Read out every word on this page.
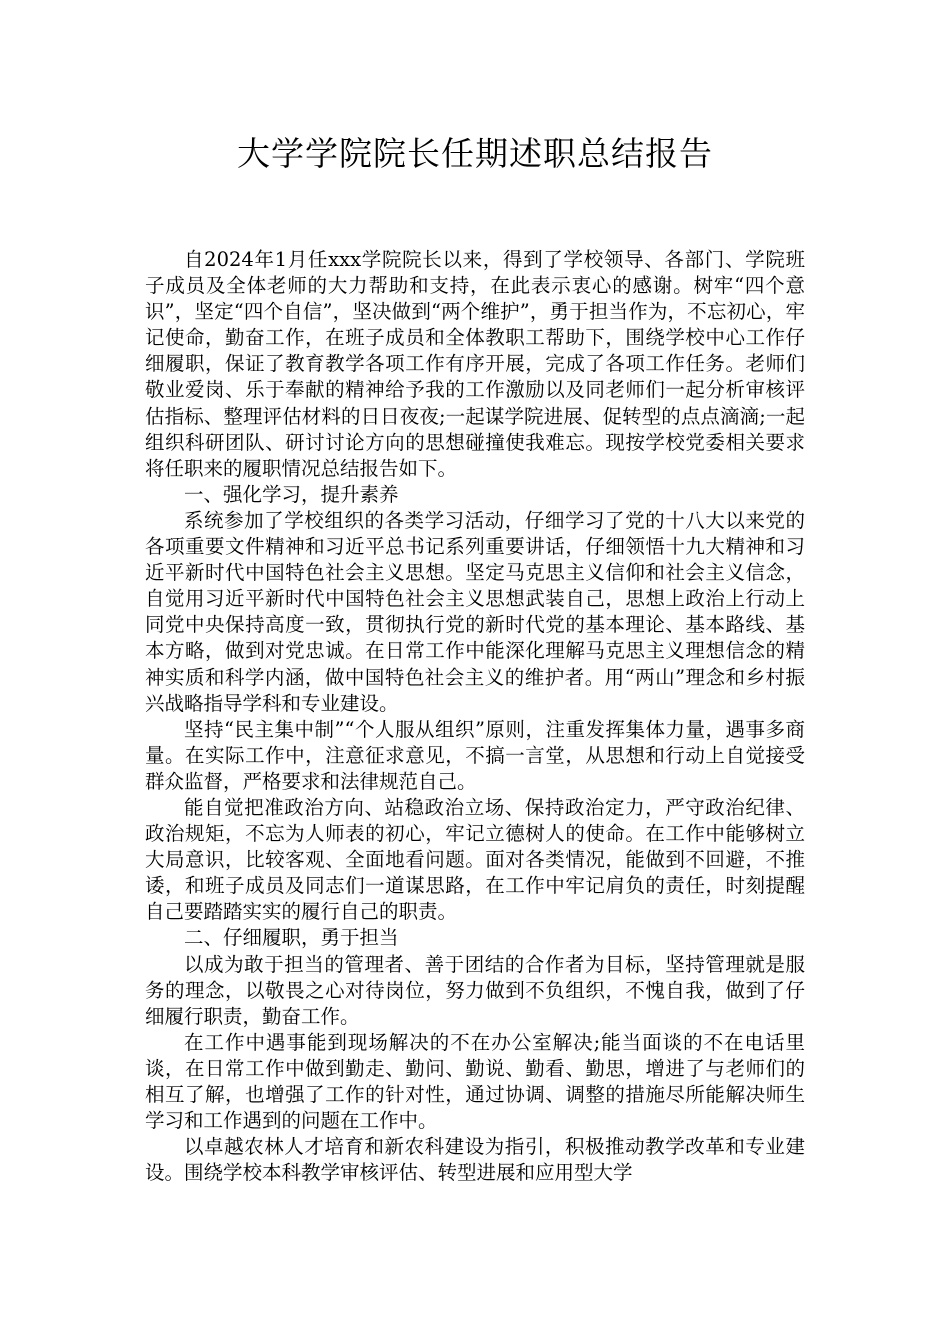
大学学院院长任期述职总结报告

自2024年1月任xxx学院院长以来，得到了学校领导、各部门、学院班子成员及全体老师的大力帮助和支持，在此表示衷心的感谢。树牢“四个意识”，坚定“四个自信”，坚决做到“两个维护”，勇于担当作为，不忘初心，牢记使命，勤奋工作，在班子成员和全体教职工帮助下，围绕学校中心工作仔细履职，保证了教育教学各项工作有序开展，完成了各项工作任务。老师们敬业爱岗、乐于奉献的精神给予我的工作激励以及同老师们一起分析审核评估指标、整理评估材料的日日夜夜;一起谋学院进展、促转型的点点滴滴;一起组织科研团队、研讨讨论方向的思想碰撞使我难忘。现按学校党委相关要求将任职来的履职情况总结报告如下。

一、强化学习，提升素养

系统参加了学校组织的各类学习活动，仔细学习了党的十八大以来党的各项重要文件精神和习近平总书记系列重要讲话，仔细领悟十九大精神和习近平新时代中国特色社会主义思想。坚定马克思主义信仰和社会主义信念，自觉用习近平新时代中国特色社会主义思想武装自己，思想上政治上行动上同党中央保持高度一致，贯彻执行党的新时代党的基本理论、基本路线、基本方略，做到对党忠诚。在日常工作中能深化理解马克思主义理想信念的精神实质和科学内涵，做中国特色社会主义的维护者。用“两山”理念和乡村振兴战略指导学科和专业建设。

坚持“民主集中制”“个人服从组织”原则，注重发挥集体力量，遇事多商量。在实际工作中，注意征求意见，不搞一言堂，从思想和行动上自觉接受群众监督，严格要求和法律规范自己。

能自觉把准政治方向、站稳政治立场、保持政治定力，严守政治纪律、政治规矩，不忘为人师表的初心，牢记立德树人的使命。在工作中能够树立大局意识，比较客观、全面地看问题。面对各类情况，能做到不回避，不推诿，和班子成员及同志们一道谋思路，在工作中牢记肩负的责任，时刻提醒自己要踏踏实实的履行自己的职责。

二、仔细履职，勇于担当

以成为敢于担当的管理者、善于团结的合作者为目标，坚持管理就是服务的理念，以敬畏之心对待岗位，努力做到不负组织，不愧自我，做到了仔细履行职责，勤奋工作。

在工作中遇事能到现场解决的不在办公室解决;能当面谈的不在电话里谈，在日常工作中做到勤走、勤问、勤说、勤看、勤思，增进了与老师们的相互了解，也增强了工作的针对性，通过协调、调整的措施尽所能解决师生学习和工作遇到的问题在工作中。

以卓越农林人才培育和新农科建设为指引，积极推动教学改革和专业建设。围绕学校本科教学审核评估、转型进展和应用型大学
